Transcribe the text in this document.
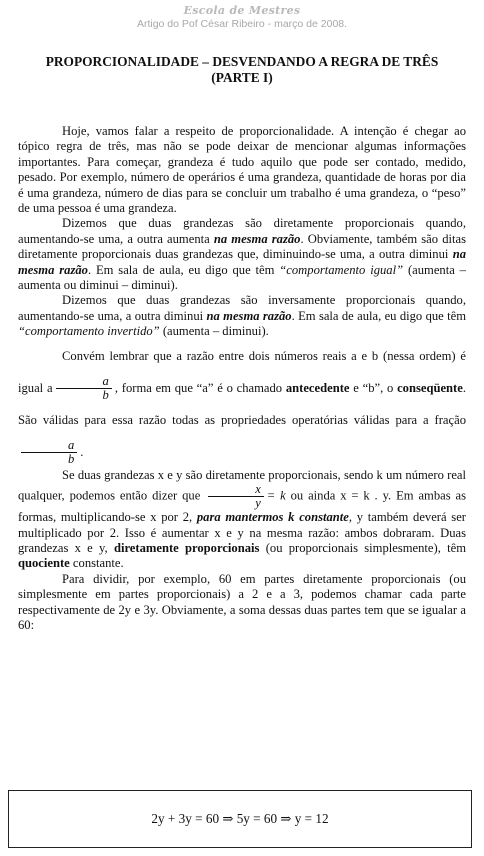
Escola de Mestres
Artigo do Pof César Ribeiro - março de 2008.
PROPORCIONALIDADE – DESVENDANDO A REGRA DE TRÊS (PARTE I)

Hoje, vamos falar a respeito de proporcionalidade. A intenção é chegar ao tópico regra de três, mas não se pode deixar de mencionar algumas informações importantes. Para começar, grandeza é tudo aquilo que pode ser contado, medido, pesado. Por exemplo, número de operários é uma grandeza, quantidade de horas por dia é uma grandeza, número de dias para se concluir um trabalho é uma grandeza, o “peso” de uma pessoa é uma grandeza.

Dizemos que duas grandezas são diretamente proporcionais quando, aumentando-se uma, a outra aumenta na mesma razão. Obviamente, também são ditas diretamente proporcionais duas grandezas que, diminuindo-se uma, a outra diminui na mesma razão. Em sala de aula, eu digo que têm “comportamento igual” (aumenta – aumenta ou diminui – diminui).

Dizemos que duas grandezas são inversamente proporcionais quando, aumentando-se uma, a outra diminui na mesma razão. Em sala de aula, eu digo que têm “comportamento invertido” (aumenta – diminui).

Convém lembrar que a razão entre dois números reais a e b (nessa ordem) é igual a $\frac{a}{b}$ , forma em que “a” é o chamado antecedente e “b”, o conseqüente. São válidas para essa razão todas as propriedades operatórias válidas para a fração
$\frac{a}{b}$ .

Se duas grandezas x e y são diretamente proporcionais, sendo k um número real qualquer, podemos então dizer que $\frac{x}{y} = k$ ou ainda x = k . y. Em ambas as formas, multiplicando-se x por 2, para mantermos k constante, y também deverá ser multiplicado por 2. Isso é aumentar x e y na mesma razão: ambos dobraram. Duas grandezas x e y, diretamente proporcionais (ou proporcionais simplesmente), têm quociente constante.

Para dividir, por exemplo, 60 em partes diretamente proporcionais (ou simplesmente em partes proporcionais) a 2 e a 3, podemos chamar cada parte respectivamente de 2y e 3y. Obviamente, a soma dessas duas partes tem que se igualar a 60:

2y + 3y = 60 ⇒ 5y = 60 ⇒ y = 12
